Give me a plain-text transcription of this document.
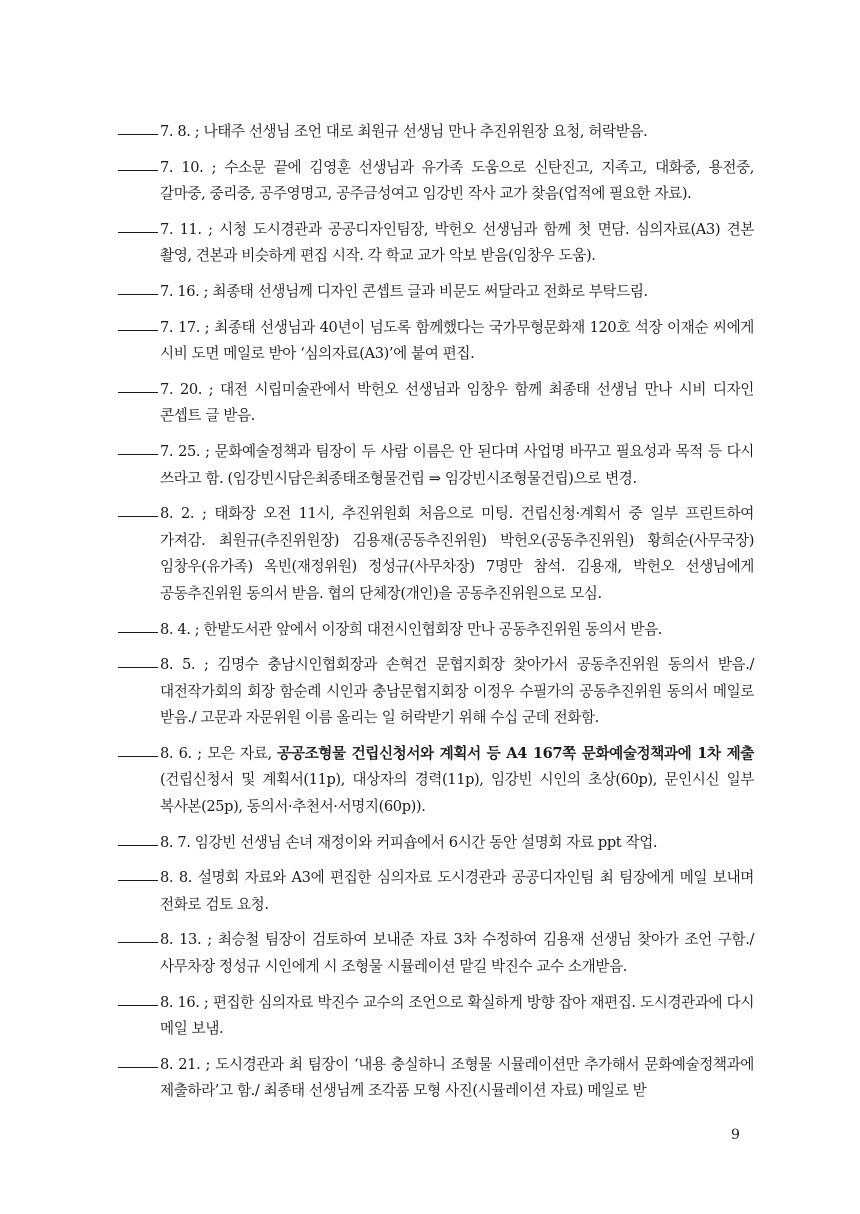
7. 8. ; 나태주 선생님 조언 대로 최원규 선생님 만나 추진위원장 요청, 허락받음.
7. 10. ; 수소문 끝에 김영훈 선생님과 유가족 도움으로 신탄진고, 지족고, 대화중, 용전중, 갈마중, 중리중, 공주영명고, 공주금성여고 임강빈 작사 교가 찾음(업적에 필요한 자료).
7. 11. ; 시청 도시경관과 공공디자인팀장, 박헌오 선생님과 함께 첫 면담. 심의자료(A3) 견본 촬영, 견본과 비슷하게 편집 시작. 각 학교 교가 악보 받음(임창우 도움).
7. 16. ; 최종태 선생님께 디자인 콘셉트 글과 비문도 써달라고 전화로 부탁드림.
7. 17. ; 최종태 선생님과 40년이 넘도록 함께했다는 국가무형문화재 120호 석장 이재순 씨에게 시비 도면 메일로 받아 ‘심의자료(A3)’에 붙여 편집.
7. 20. ; 대전 시립미술관에서 박헌오 선생님과 임창우 함께 최종태 선생님 만나 시비 디자인 콘셉트 글 받음.
7. 25. ; 문화예술정책과 팀장이 두 사람 이름은 안 된다며 사업명 바꾸고 필요성과 목적 등 다시 쓰라고 함. (임강빈시담은최종태조형물건립 ⇒ 임강빈시조형물건립)으로 변경.
8. 2. ; 태화장 오전 11시, 추진위원회 처음으로 미팅. 건립신청·계획서 중 일부 프린트하여 가져감. 최원규(추진위원장) 김용재(공동추진위원) 박헌오(공동추진위원) 황희순(사무국장) 임창우(유가족) 옥빈(재정위원) 정성규(사무차장) 7명만 참석. 김용재, 박헌오 선생님에게 공동추진위원 동의서 받음. 협의 단체장(개인)을 공동추진위원으로 모심.
8. 4. ; 한밭도서관 앞에서 이장희 대전시인협회장 만나 공동추진위원 동의서 받음.
8. 5. ; 김명수 충남시인협회장과 손혁건 문협지회장 찾아가서 공동추진위원 동의서 받음./ 대전작가회의 회장 함순례 시인과 충남문협지회장 이정우 수필가의 공동추진위원 동의서 메일로 받음./ 고문과 자문위원 이름 올리는 일 허락받기 위해 수십 군데 전화함.
8. 6. ; 모은 자료, 공공조형물 건립신청서와 계획서 등 A4 167쪽 문화예술정책과에 1차 제출(건립신청서 및 계획서(11p), 대상자의 경력(11p), 임강빈 시인의 초상(60p), 문인시신 일부 복사본(25p), 동의서·추천서·서명지(60p)).
8. 7. 임강빈 선생님 손녀 재정이와 커피숍에서 6시간 동안 설명회 자료 ppt 작업.
8. 8. 설명회 자료와 A3에 편집한 심의자료 도시경관과 공공디자인팀 최 팀장에게 메일 보내며 전화로 검토 요청.
8. 13. ; 최승철 팀장이 검토하여 보내준 자료 3차 수정하여 김용재 선생님 찾아가 조언 구함./ 사무차장 정성규 시인에게 시 조형물 시뮬레이션 맡길 박진수 교수 소개받음.
8. 16. ; 편집한 심의자료 박진수 교수의 조언으로 확실하게 방향 잡아 재편집. 도시경관과에 다시 메일 보냄.
8. 21. ; 도시경관과 최 팀장이 ‘내용 충실하니 조형물 시뮬레이션만 추가해서 문화예술정책과에 제출하라’고 함./ 최종태 선생님께 조각품 모형 사진(시뮬레이션 자료) 메일로 받
9
